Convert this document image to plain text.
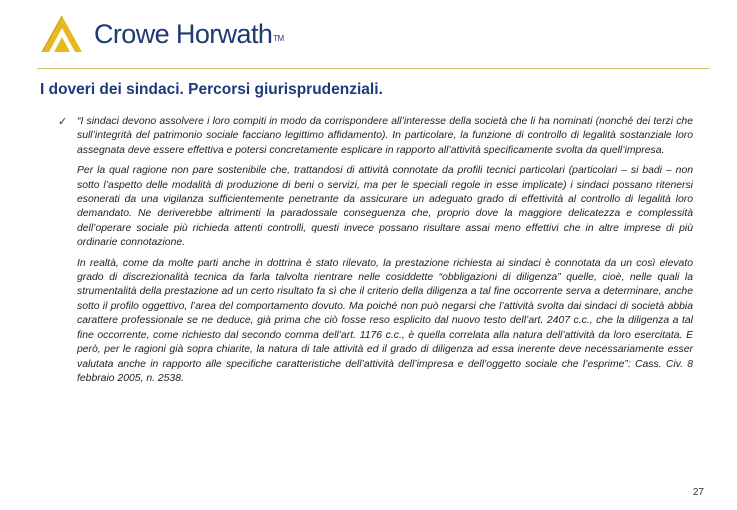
Crowe HorwathTM
I doveri dei sindaci. Percorsi giurisprudenziali.
✓ “I sindaci devono assolvere i loro compiti in modo da corrispondere all’interesse della società che li ha nominati (nonché dei terzi che sull’integrità del patrimonio sociale facciano legittimo affidamento). In particolare, la funzione di controllo di legalità sostanziale loro assegnata deve essere effettiva e potersi concretamente esplicare in rapporto all’attività specificamente svolta da quell’impresa.

Per la qual ragione non pare sostenibile che, trattandosi di attività connotate da profili tecnici particolari (particolari – si badi – non sotto l’aspetto delle modalità di produzione di beni o servizi, ma per le speciali regole in esse implicate) i sindaci possano ritenersi esonerati da una vigilanza sufficientemente penetrante da assicurare un adeguato grado di effettività al controllo di legalità loro demandato. Ne deriverebbe altrimenti la paradossale conseguenza che, proprio dove la maggiore delicatezza e complessità dell’operare sociale più richieda attenti controlli, questi invece possano risultare assai meno effettivi che in altre imprese di più ordinarie connotazione.

In realtà, come da molte parti anche in dottrina è stato rilevato, la prestazione richiesta ai sindaci è connotata da un così elevato grado di discrezionalità tecnica da farla talvolta rientrare nelle cosiddette “obbligazioni di diligenza” quelle, cioè, nelle quali la strumentalità della prestazione ad un certo risultato fa sì che il criterio della diligenza a tal fine occorrente serva a determinare, anche sotto il profilo oggettivo, l’area del comportamento dovuto. Ma poiché non può negarsi che l’attività svolta dai sindaci di società abbia carattere professionale se ne deduce, già prima che ciò fosse reso esplicito dal nuovo testo dell’art. 2407 c.c., che la diligenza a tal fine occorrente, come richiesto dal secondo comma dell’art. 1176 c.c., è quella correlata alla natura dell’attività da loro esercitata. E però, per le ragioni già sopra chiarite, la natura di tale attività ed il grado di diligenza ad essa inerente deve necessariamente esser valutata anche in rapporto alle specifiche caratteristiche dell’attività dell’impresa e dell’oggetto sociale che l’esprime”: Cass. Civ. 8 febbraio 2005, n. 2538.

27
